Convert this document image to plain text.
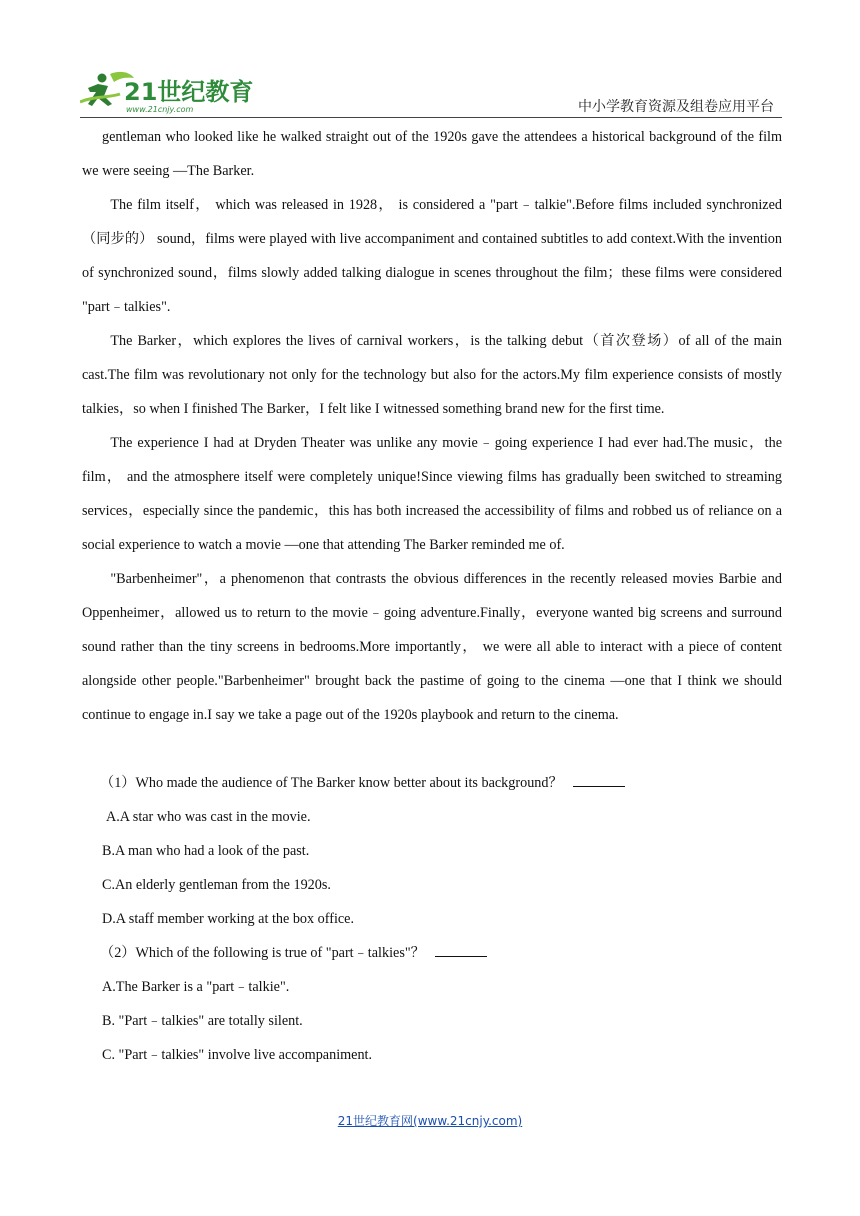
21世纪教育
www.21cnjy.com	中小学教育资源及组卷应用平台

gentleman who looked like he walked straight out of the 1920s gave the attendees a historical background of the film we were seeing —The Barker.

The film itself， which was released in 1928， is considered a "part﹣talkie".Before films included synchronized （同步的） sound，films were played with live accompaniment and contained subtitles to add context.With the invention of synchronized sound，films slowly added talking dialogue in scenes throughout the film；these films were considered "part﹣talkies".

The Barker，which explores the lives of carnival workers，is the talking debut（首次登场）of all of the main cast.The film was revolutionary not only for the technology but also for the actors.My film experience consists of mostly talkies，so when I finished The Barker，I felt like I witnessed something brand new for the first time.

The experience I had at Dryden Theater was unlike any movie﹣going experience I had ever had.The music，the film， and the atmosphere itself were completely unique!Since viewing films has gradually been switched to streaming services，especially since the pandemic，this has both increased the accessibility of films and robbed us of reliance on a social experience to watch a movie —one that attending The Barker reminded me of.

"Barbenheimer"，a phenomenon that contrasts the obvious differences in the recently released movies Barbie and Oppenheimer，allowed us to return to the movie﹣going adventure.Finally，everyone wanted big screens and surround sound rather than the tiny screens in bedrooms.More importantly， we were all able to interact with a piece of content alongside other people."Barbenheimer" brought back the pastime of going to the cinema —one that I think we should continue to engage in.I say we take a page out of the 1920s playbook and return to the cinema.

（1）Who made the audience of The Barker know better about its background？
A.A star who was cast in the movie.
B.A man who had a look of the past.
C.An elderly gentleman from the 1920s.
D.A staff member working at the box office.
（2）Which of the following is true of "part﹣talkies"？
A.The Barker is a "part﹣talkie".
B. "Part﹣talkies" are totally silent.
C. "Part﹣talkies" involve live accompaniment.
21世纪教育网(www.21cnjy.com)
